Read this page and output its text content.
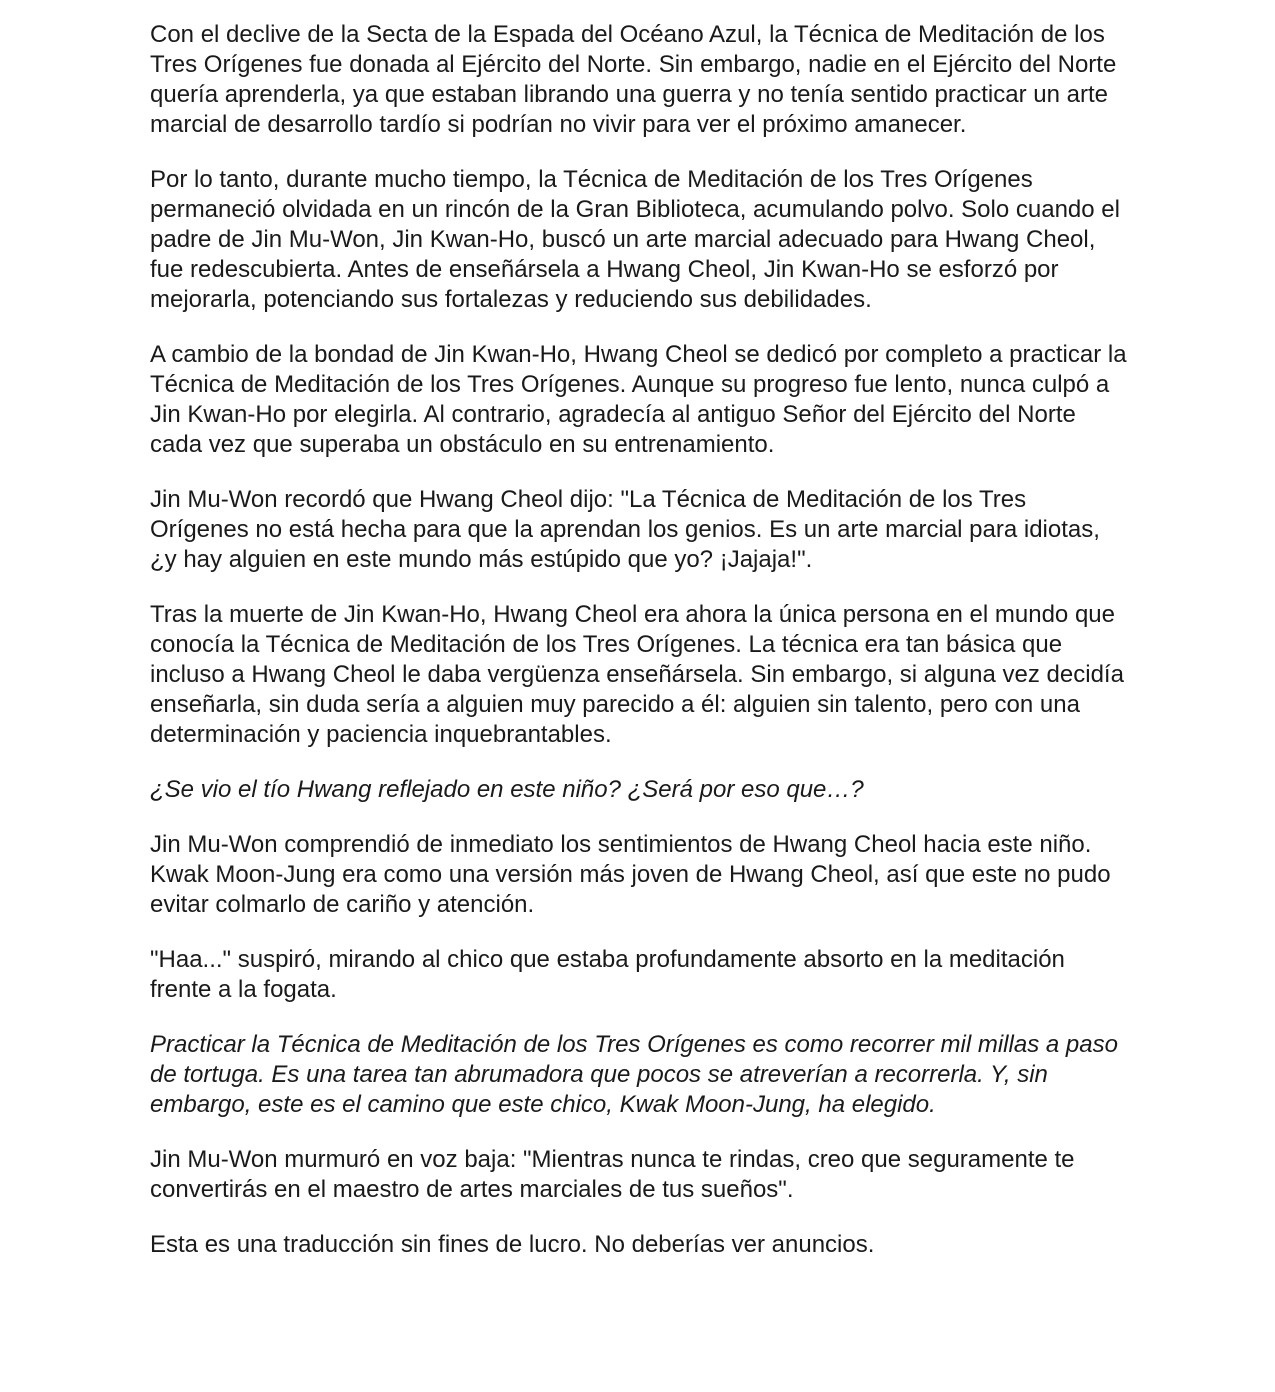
Con el declive de la Secta de la Espada del Océano Azul, la Técnica de Meditación de los Tres Orígenes fue donada al Ejército del Norte. Sin embargo, nadie en el Ejército del Norte quería aprenderla, ya que estaban librando una guerra y no tenía sentido practicar un arte marcial de desarrollo tardío si podrían no vivir para ver el próximo amanecer.

Por lo tanto, durante mucho tiempo, la Técnica de Meditación de los Tres Orígenes permaneció olvidada en un rincón de la Gran Biblioteca, acumulando polvo. Solo cuando el padre de Jin Mu-Won, Jin Kwan-Ho, buscó un arte marcial adecuado para Hwang Cheol, fue redescubierta. Antes de enseñársela a Hwang Cheol, Jin Kwan-Ho se esforzó por mejorarla, potenciando sus fortalezas y reduciendo sus debilidades.

A cambio de la bondad de Jin Kwan-Ho, Hwang Cheol se dedicó por completo a practicar la Técnica de Meditación de los Tres Orígenes. Aunque su progreso fue lento, nunca culpó a Jin Kwan-Ho por elegirla. Al contrario, agradecía al antiguo Señor del Ejército del Norte cada vez que superaba un obstáculo en su entrenamiento.

Jin Mu-Won recordó que Hwang Cheol dijo: "La Técnica de Meditación de los Tres Orígenes no está hecha para que la aprendan los genios. Es un arte marcial para idiotas, ¿y hay alguien en este mundo más estúpido que yo? ¡Jajaja!".

Tras la muerte de Jin Kwan-Ho, Hwang Cheol era ahora la única persona en el mundo que conocía la Técnica de Meditación de los Tres Orígenes. La técnica era tan básica que incluso a Hwang Cheol le daba vergüenza enseñársela. Sin embargo, si alguna vez decidía enseñarla, sin duda sería a alguien muy parecido a él: alguien sin talento, pero con una determinación y paciencia inquebrantables.

¿Se vio el tío Hwang reflejado en este niño? ¿Será por eso que…?

Jin Mu-Won comprendió de inmediato los sentimientos de Hwang Cheol hacia este niño. Kwak Moon-Jung era como una versión más joven de Hwang Cheol, así que este no pudo evitar colmarlo de cariño y atención.

"Haa..." suspiró, mirando al chico que estaba profundamente absorto en la meditación frente a la fogata.

Practicar la Técnica de Meditación de los Tres Orígenes es como recorrer mil millas a paso de tortuga. Es una tarea tan abrumadora que pocos se atreverían a recorrerla. Y, sin embargo, este es el camino que este chico, Kwak Moon-Jung, ha elegido.

Jin Mu-Won murmuró en voz baja: "Mientras nunca te rindas, creo que seguramente te convertirás en el maestro de artes marciales de tus sueños".

Esta es una traducción sin fines de lucro. No deberías ver anuncios.
